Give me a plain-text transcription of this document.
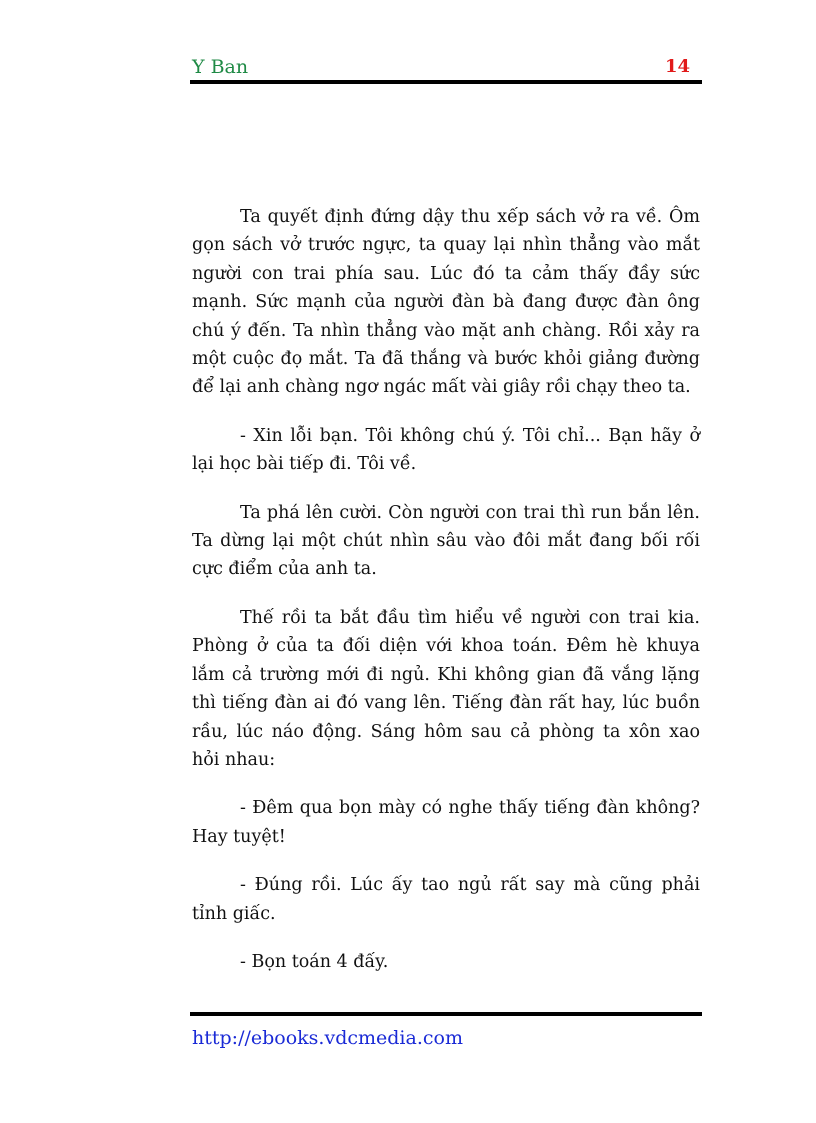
Y Ban	14

Ta quyết định đứng dậy thu xếp sách vở ra về. Ôm gọn sách vở trước ngực, ta quay lại nhìn thẳng vào mắt người con trai phía sau. Lúc đó ta cảm thấy đầy sức mạnh. Sức mạnh của người đàn bà đang được đàn ông chú ý đến. Ta nhìn thẳng vào mặt anh chàng. Rồi xảy ra một cuộc đọ mắt. Ta đã thắng và bước khỏi giảng đường để lại anh chàng ngơ ngác mất vài giây rồi chạy theo ta.

- Xin lỗi bạn. Tôi không chú ý. Tôi chỉ... Bạn hãy ở lại học bài tiếp đi. Tôi về.

Ta phá lên cười. Còn người con trai thì run bắn lên. Ta dừng lại một chút nhìn sâu vào đôi mắt đang bối rối cực điểm của anh ta.

Thế rồi ta bắt đầu tìm hiểu về người con trai kia. Phòng ở của ta đối diện với khoa toán. Đêm hè khuya lắm cả trường mới đi ngủ. Khi không gian đã vắng lặng thì tiếng đàn ai đó vang lên. Tiếng đàn rất hay, lúc buồn rầu, lúc náo động. Sáng hôm sau cả phòng ta xôn xao hỏi nhau:

- Đêm qua bọn mày có nghe thấy tiếng đàn không? Hay tuyệt!

- Đúng rồi. Lúc ấy tao ngủ rất say mà cũng phải tỉnh giấc.

- Bọn toán 4 đấy.

http://ebooks.vdcmedia.com
